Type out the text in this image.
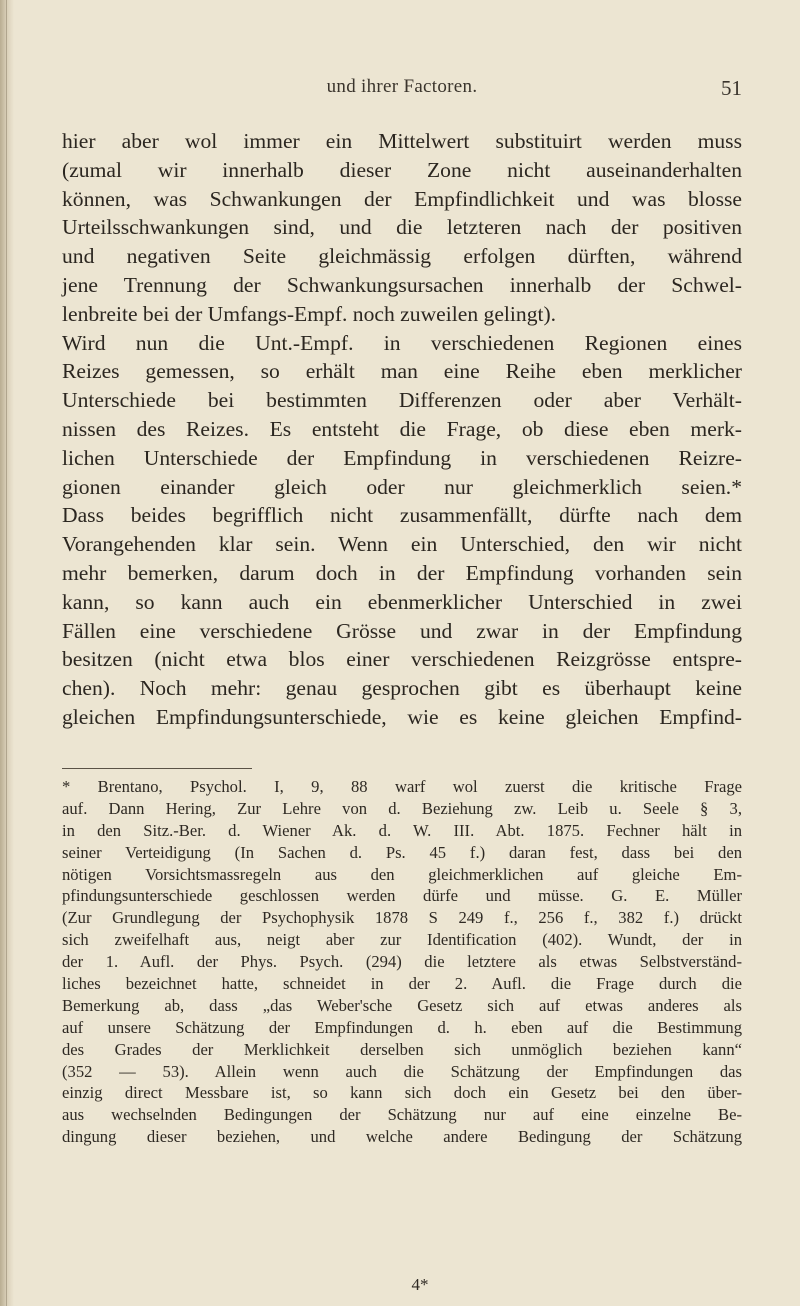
und ihrer Factoren.	51
hier aber wol immer ein Mittelwert substituirt werden muss
(zumal wir innerhalb dieser Zone nicht auseinanderhalten
können, was Schwankungen der Empfindlichkeit und was blosse
Urteilsschwankungen sind, und die letzteren nach der positiven
und negativen Seite gleichmässig erfolgen dürften, während
jene Trennung der Schwankungsursachen innerhalb der Schwel-
lenbreite bei der Umfangs-Empf. noch zuweilen gelingt).
Wird nun die Unt.-Empf. in verschiedenen Regionen eines
Reizes gemessen, so erhält man eine Reihe eben merklicher
Unterschiede bei bestimmten Differenzen oder aber Verhält-
nissen des Reizes. Es entsteht die Frage, ob diese eben merk-
lichen Unterschiede der Empfindung in verschiedenen Reizre-
gionen einander gleich oder nur gleichmerklich seien.*
Dass beides begrifflich nicht zusammenfällt, dürfte nach dem
Vorangehenden klar sein. Wenn ein Unterschied, den wir nicht
mehr bemerken, darum doch in der Empfindung vorhanden sein
kann, so kann auch ein ebenmerklicher Unterschied in zwei
Fällen eine verschiedene Grösse und zwar in der Empfindung
besitzen (nicht etwa blos einer verschiedenen Reizgrösse entspre-
chen). Noch mehr: genau gesprochen gibt es überhaupt keine
gleichen Empfindungsunterschiede, wie es keine gleichen Empfind-
* Brentano, Psychol. I, 9, 88 warf wol zuerst die kritische Frage
auf. Dann Hering, Zur Lehre von d. Beziehung zw. Leib u. Seele § 3,
in den Sitz.-Ber. d. Wiener Ak. d. W. III. Abt. 1875. Fechner hält in
seiner Verteidigung (In Sachen d. Ps. 45 f.) daran fest, dass bei den
nötigen Vorsichtsmassregeln aus den gleichmerklichen auf gleiche Em-
pfindungsunterschiede geschlossen werden dürfe und müsse. G. E. Müller
(Zur Grundlegung der Psychophysik 1878 S 249 f., 256 f., 382 f.) drückt
sich zweifelhaft aus, neigt aber zur Identification (402). Wundt, der in
der 1. Aufl. der Phys. Psych. (294) die letztere als etwas Selbstverständ-
liches bezeichnet hatte, schneidet in der 2. Aufl. die Frage durch die
Bemerkung ab, dass „das Weber'sche Gesetz sich auf etwas anderes als
auf unsere Schätzung der Empfindungen d. h. eben auf die Bestimmung
des Grades der Merklichkeit derselben sich unmöglich beziehen kann“
(352 — 53). Allein wenn auch die Schätzung der Empfindungen das
einzig direct Messbare ist, so kann sich doch ein Gesetz bei den über-
aus wechselnden Bedingungen der Schätzung nur auf eine einzelne Be-
dingung dieser beziehen, und welche andere Bedingung der Schätzung
4*
